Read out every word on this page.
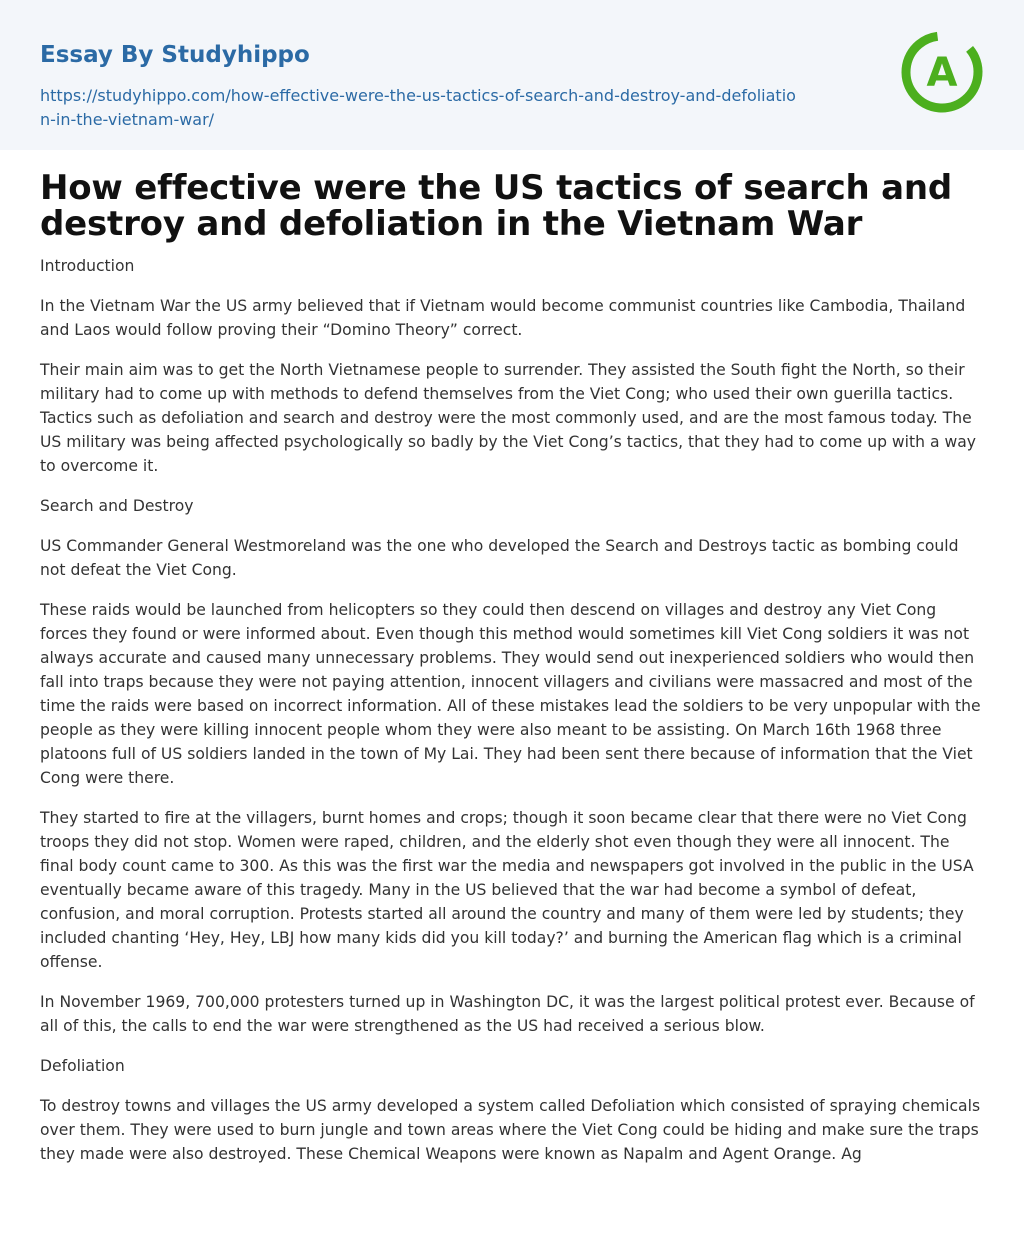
Essay By Studyhippo
https://studyhippo.com/how-effective-were-the-us-tactics-of-search-and-destroy-and-defoliation-in-the-vietnam-war/
A
How effective were the US tactics of search and destroy and defoliation in the Vietnam War

Introduction

In the Vietnam War the US army believed that if Vietnam would become communist countries like Cambodia, Thailand and Laos would follow proving their “Domino Theory” correct.

Their main aim was to get the North Vietnamese people to surrender. They assisted the South fight the North, so their military had to come up with methods to defend themselves from the Viet Cong; who used their own guerilla tactics. Tactics such as defoliation and search and destroy were the most commonly used, and are the most famous today. The US military was being affected psychologically so badly by the Viet Cong’s tactics, that they had to come up with a way to overcome it.

Search and Destroy

US Commander General Westmoreland was the one who developed the Search and Destroys tactic as bombing could not defeat the Viet Cong.

These raids would be launched from helicopters so they could then descend on villages and destroy any Viet Cong forces they found or were informed about. Even though this method would sometimes kill Viet Cong soldiers it was not always accurate and caused many unnecessary problems. They would send out inexperienced soldiers who would then fall into traps because they were not paying attention, innocent villagers and civilians were massacred and most of the time the raids were based on incorrect information. All of these mistakes lead the soldiers to be very unpopular with the people as they were killing innocent people whom they were also meant to be assisting. On March 16th 1968 three platoons full of US soldiers landed in the town of My Lai. They had been sent there because of information that the Viet Cong were there.

They started to fire at the villagers, burnt homes and crops; though it soon became clear that there were no Viet Cong troops they did not stop. Women were raped, children, and the elderly shot even though they were all innocent. The final body count came to 300. As this was the first war the media and newspapers got involved in the public in the USA eventually became aware of this tragedy. Many in the US believed that the war had become a symbol of defeat, confusion, and moral corruption. Protests started all around the country and many of them were led by students; they included chanting ‘Hey, Hey, LBJ how many kids did you kill today?’ and burning the American flag which is a criminal offense.

In November 1969, 700,000 protesters turned up in Washington DC, it was the largest political protest ever. Because of all of this, the calls to end the war were strengthened as the US had received a serious blow.

Defoliation

To destroy towns and villages the US army developed a system called Defoliation which consisted of spraying chemicals over them. They were used to burn jungle and town areas where the Viet Cong could be hiding and make sure the traps they made were also destroyed. These Chemical Weapons were known as Napalm and Agent Orange. Ag
